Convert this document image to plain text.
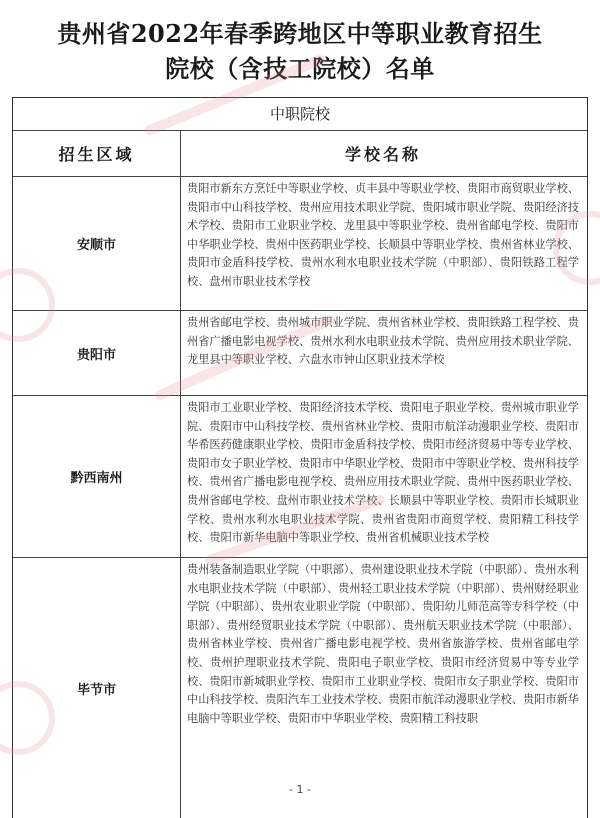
贵州省2022年春季跨地区中等职业教育招生
院校（含技工院校）名单
中职院校
招生区域	学校名称
安顺市
贵阳市新东方烹饪中等职业学校、贞丰县中等职业学校、贵阳市商贸职业学校、贵阳市中山科技学校、贵州应用技术职业学院、贵阳城市职业学院、贵阳经济技术学校、贵阳市工业职业学校、龙里县中等职业学校、贵州省邮电学校、贵阳市中华职业学校、贵州中医药职业学校、长顺县中等职业学校、贵州省林业学校、贵阳市金盾科技学校、贵州水利水电职业技术学院（中职部）、贵阳铁路工程学校、盘州市职业技术学校
贵阳市
贵州省邮电学校、贵州城市职业学院、贵州省林业学校、贵阳铁路工程学校、贵州省广播电影电视学校、贵州水利水电职业技术学院、贵州应用技术职业学院、龙里县中等职业学校、六盘水市钟山区职业技术学校
黔西南州
贵阳市工业职业学校、贵阳经济技术学校、贵阳电子职业学校、贵州城市职业学院、贵阳市中山科技学校、贵州省林业学校、贵阳市航洋动漫职业学校、贵阳市华希医药健康职业学校、贵阳市金盾科技学校、贵阳市经济贸易中等专业学校、贵阳市女子职业学校、贵阳市中华职业学校、贵阳市中等职业学校、贵州科技学校、贵州省广播电影电视学校、贵州应用技术职业学院、贵州中医药职业学校、贵州省邮电学校、盘州市职业技术学校、长顺县中等职业学校、贵阳市长城职业学校、贵州水利水电职业技术学院、贵州省贵阳市商贸学校、贵阳精工科技学校、贵阳市新华电脑中等职业学校、贵州省机械职业技术学校
毕节市
贵州装备制造职业学院（中职部）、贵州建设职业技术学院（中职部）、贵州水利水电职业技术学院（中职部）、贵州轻工职业技术学院（中职部）、贵州财经职业学院（中职部）、贵州农业职业学院（中职部）、贵阳幼儿师范高等专科学校（中职部）、贵州经贸职业技术学院（中职部）、贵州航天职业技术学院（中职部）、贵州省林业学校、贵州省广播电影电视学校、贵州省旅游学校、贵州省邮电学校、贵州护理职业技术学院、贵阳电子职业学校、贵阳市经济贸易中等专业学校、贵阳市新城职业学校、贵阳市工业职业学校、贵阳市女子职业学校、贵阳市中山科技学校、贵阳汽车工业技术学校、贵阳市航洋动漫职业学校、贵阳市新华电脑中等职业学校、贵阳市中华职业学校、贵阳精工科技职
- 1 -
